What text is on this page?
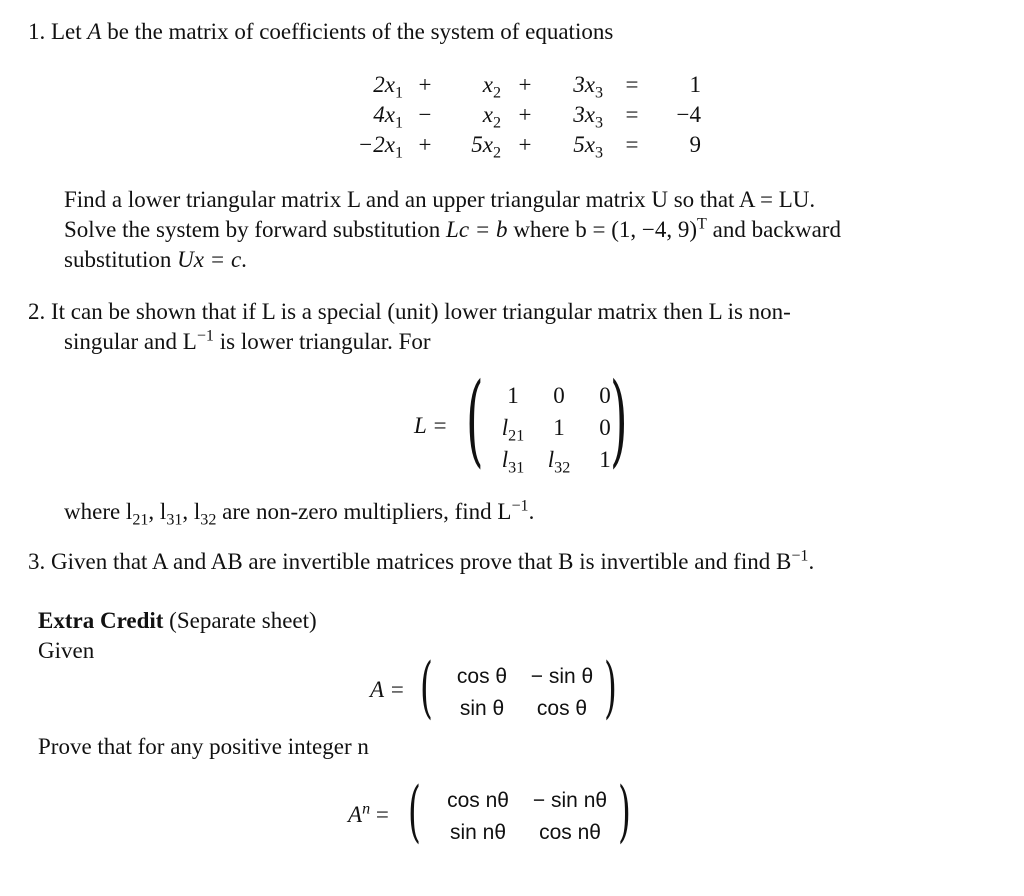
1. Let A be the matrix of coefficients of the system of equations
$2x_1$	+	$x_2$	+	$3x_3$	=	1
$4x_1$	−	$x_2$	+	$3x_3$	=	−4
$-2x_1$	+	$5x_2$	+	$5x_3$	=	9
Find a lower triangular matrix L and an upper triangular matrix U so that A = LU.
Solve the system by forward substitution Lc = b where b = (1, −4, 9)$^T$ and backward
substitution Ux = c.
2. It can be shown that if L is a special (unit) lower triangular matrix then L is non-
singular and $L^{-1}$ is lower triangular. For
L = ( 1	0	0
$l_{21}$	1	0
$l_{31}$	$l_{32}$	1 )
where $l_{21}$, $l_{31}$, $l_{32}$ are non-zero multipliers, find $L^{-1}$.
3. Given that A and AB are invertible matrices prove that B is invertible and find $B^{-1}$.
Extra Credit (Separate sheet)
Given
A = ( cos θ	− sin θ
sin θ	cos θ )
Prove that for any positive integer n
$A^n$ = ( cos nθ	− sin nθ
sin nθ	cos nθ )
